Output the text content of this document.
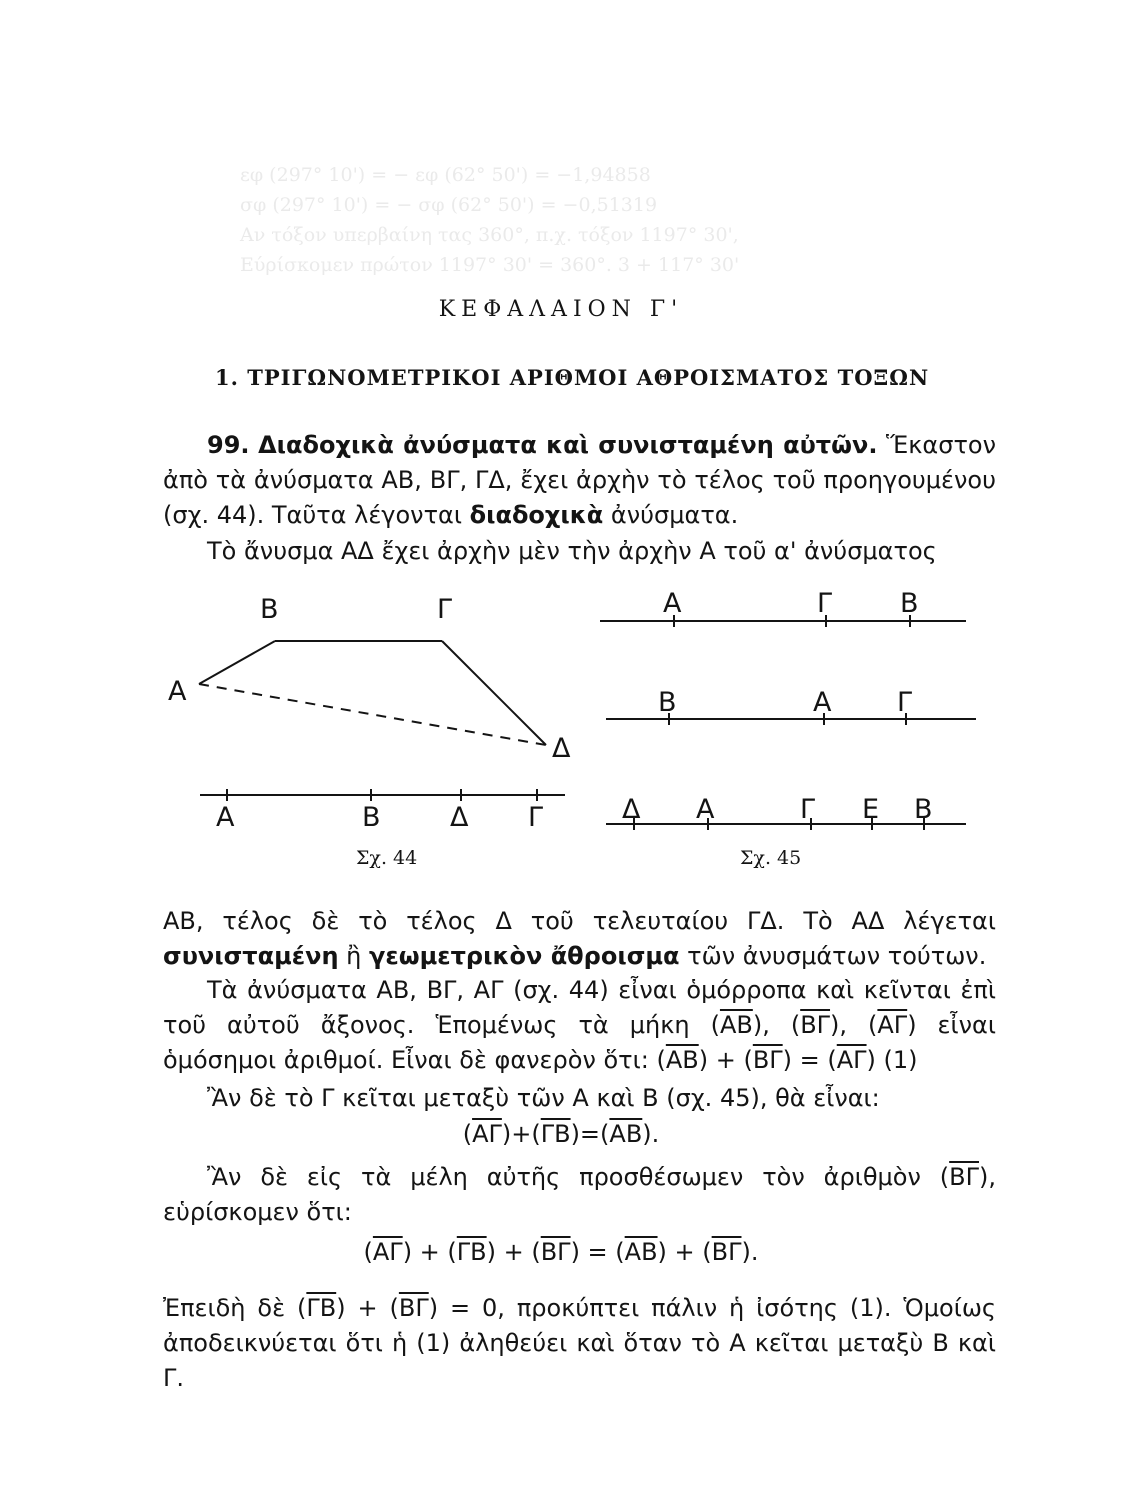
εφ (297° 10') = − εφ (62° 50') = −1,94858
σφ (297° 10') = − σφ (62° 50') = −0,51319
Αν τόξον υπερβαίνη τας 360°, π.χ. τόξον 1197° 30',
Εύρίσκομεν πρώτον 1197° 30' = 360°. 3 + 117° 30'
ΚΕΦΑΛΑΙΟΝ Γ'
1. ΤΡΙΓΩΝΟΜΕΤΡΙΚΟΙ ΑΡΙΘΜΟΙ ΑΘΡΟΙΣΜΑΤΟΣ ΤΟΞΩΝ
99. Διαδοχικὰ ἀνύσματα καὶ συνισταμένη αὐτῶν. Ἕκαστον ἀπὸ τὰ ἀνύσματα ΑΒ, ΒΓ, ΓΔ, ἔχει ἀρχὴν τὸ τέλος τοῦ προηγουμένου (σχ. 44). Ταῦτα λέγονται διαδοχικὰ ἀνύσματα.
Τὸ ἄνυσμα ΑΔ ἔχει ἀρχὴν μὲν τὴν ἀρχὴν Α τοῦ α' ἀνύσματος
Β	Γ
Α
Δ
Α	Β	Δ Γ
Σχ. 44
Α	Γ	Β
Β	Α Γ
Δ Α	Γ Ε Β
Σχ. 45
ΑΒ, τέλος δὲ τὸ τέλος Δ τοῦ τελευταίου ΓΔ. Τὸ ΑΔ λέγεται συνισταμένη ἢ γεωμετρικὸν ἄθροισμα τῶν ἀνυσμάτων τούτων.
Τὰ ἀνύσματα ΑΒ, ΒΓ, ΑΓ (σχ. 44) εἶναι ὁμόρροπα καὶ κεῖνται ἐπὶ τοῦ αὐτοῦ ἄξονος. Ἑπομένως τὰ μήκη $(\overline{AB})$, $(\overline{B\Gamma})$, $(\overline{A\Gamma})$ εἶναι ὁμόσημοι ἀριθμοί. Εἶναι δὲ φανερὸν ὅτι: $(\overline{AB}) + (\overline{B\Gamma}) = (\overline{A\Gamma})$ (1)
Ἂν δὲ τὸ Γ κεῖται μεταξὺ τῶν Α καὶ Β (σχ. 45), θὰ εἶναι:
$(\overline{A\Gamma})+(\overline{\Gamma B})=(\overline{AB})$.
Ἂν δὲ εἰς τὰ μέλη αὐτῆς προσθέσωμεν τὸν ἀριθμὸν $(\overline{B\Gamma})$, εὑρίσκομεν ὅτι:
$(\overline{A\Gamma}) + (\overline{\Gamma B}) + (\overline{B\Gamma}) = (\overline{AB}) + (\overline{B\Gamma})$.
Ἐπειδὴ δὲ $(\overline{\Gamma B}) + (\overline{B\Gamma}) = 0$, προκύπτει πάλιν ἡ ἰσότης (1). Ὁμοίως ἀποδεικνύεται ὅτι ἡ (1) ἀληθεύει καὶ ὅταν τὸ Α κεῖται μεταξὺ Β καὶ Γ.
